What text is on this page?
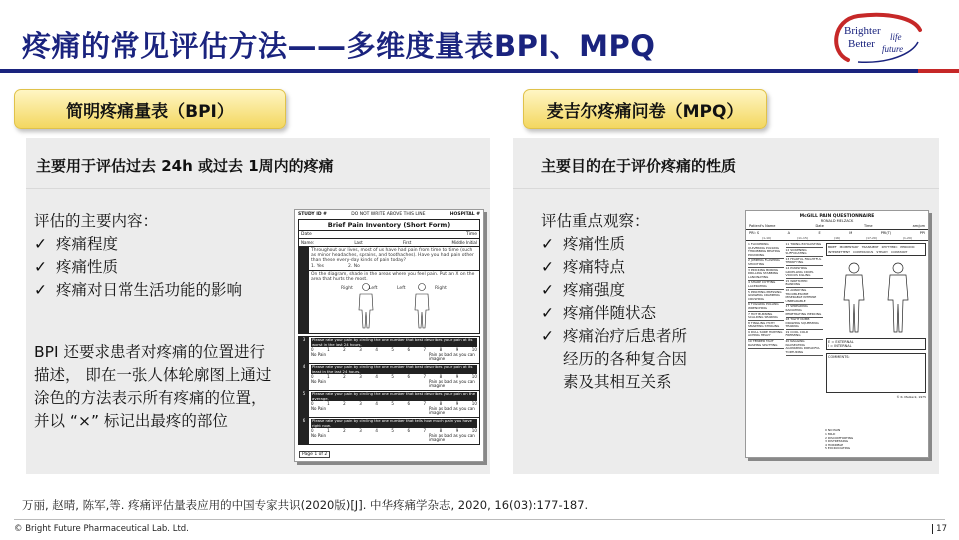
疼痛的常见评估方法——多维度量表BPI、MPQ	Brighter life
Better future
简明疼痛量表（BPI）	麦吉尔疼痛问卷（MPQ）
主要用于评估过去 24h 或过去 1周内的疼痛	主要目的在于评价疼痛的性质
评估的主要内容：
✓ 疼痛程度
✓ 疼痛性质
✓ 疼痛对日常生活功能的影响
BPI 还要求患者对疼痛的位置进行
描述， 即在一张人体轮廓图上通过
涂色的方法表示所有疼痛的位置，
并以 “×” 标记出最疼的部位
STUDY ID #	DO NOT WRITE ABOVE THIS LINE	HOSPITAL #
Brief Pain Inventory (Short Form)
Date	Time
Name:	Last	First	Middle Initial
Throughout our lives, most of us have had pain from time to time (such as minor headaches, sprains, and toothaches). Have you had pain other than these every-day kinds of pain today?
1. Yes	2. No
On the diagram, shade in the areas where you feel pain. Put an X on the area that hurts the most.
Right	Left	Left	Right
3	Please rate your pain by circling the one number that best describes your pain at its worst in the last 24 hours.
0	1	2	3	4	5	6	7	8	9	10
No Pain	Pain as bad as you can imagine
4	Please rate your pain by circling the one number that best describes your pain at its least in the last 24 hours.
0	1	2	3	4	5	6	7	8	9	10
No Pain	Pain as bad as you can imagine
5	Please rate your pain by circling the one number that best describes your pain on the average.
0	1	2	3	4	5	6	7	8	9	10
No Pain	Pain as bad as you can imagine
6	Please rate your pain by circling the one number that tells how much pain you have right now.
0	1	2	3	4	5	6	7	8	9	10
No Pain	Pain as bad as you can imagine
Page 1 of 2
评估重点观察：
✓ 疼痛性质
✓ 疼痛特点
✓ 疼痛强度
✓ 疼痛伴随状态
✓ 疼痛治疗后患者所
经历的各种复合因
素及其相互关系
McGILL PAIN QUESTIONNAIRE
RONALD MELZACK
Patient's Name	Date	Time	am/pm
PRI: S	A	E	M	PRI(T)	PPI
(1-10)	(11-15)	(16)	(17-20)	(1-20)
1 FLICKERING QUIVERING PULSING THROBBING BEATING POUNDING
2 JUMPING FLASHING SHOOTING
3 PRICKING BORING DRILLING STABBING LANCINATING
4 SHARP CUTTING LACERATING
5 PINCHING PRESSING GNAWING CRAMPING CRUSHING
6 TUGGING PULLING WRENCHING
7 HOT BURNING SCALDING SEARING
8 TINGLING ITCHY SMARTING STINGING
9 DULL SORE HURTING ACHING HEAVY
10 TENDER TAUT RASPING SPLITTING
11 TIRING EXHAUSTING
12 SICKENING SUFFOCATING
13 FEARFUL FRIGHTFUL TERRIFYING
14 PUNISHING GRUELLING CRUEL VICIOUS KILLING
15 WRETCHED BLINDING
16 ANNOYING TROUBLESOME MISERABLE INTENSE UNBEARABLE
17 SPREADING RADIATING PENETRATING PIERCING
18 TIGHT NUMB DRAWING SQUEEZING TEARING
19 COOL COLD FREEZING
20 NAGGING NAUSEATING AGONIZING DREADFUL TORTURING
BRIEF MOMENTARY TRANSIENT RHYTHMIC PERIODIC
INTERMITTENT CONTINUOUS STEADY CONSTANT
E = EXTERNAL
I = INTERNAL
COMMENTS:
© R. Melzack, 1975
0 NO PAIN
1 MILD
2 DISCOMFORTING
3 DISTRESSING
4 HORRIBLE
5 EXCRUCIATING
万丽, 赵晴, 陈军,等. 疼痛评估量表应用的中国专家共识(2020版)[J]. 中华疼痛学杂志, 2020, 16(03):177-187.
© Bright Future Pharmaceutical Lab. Ltd.	17
